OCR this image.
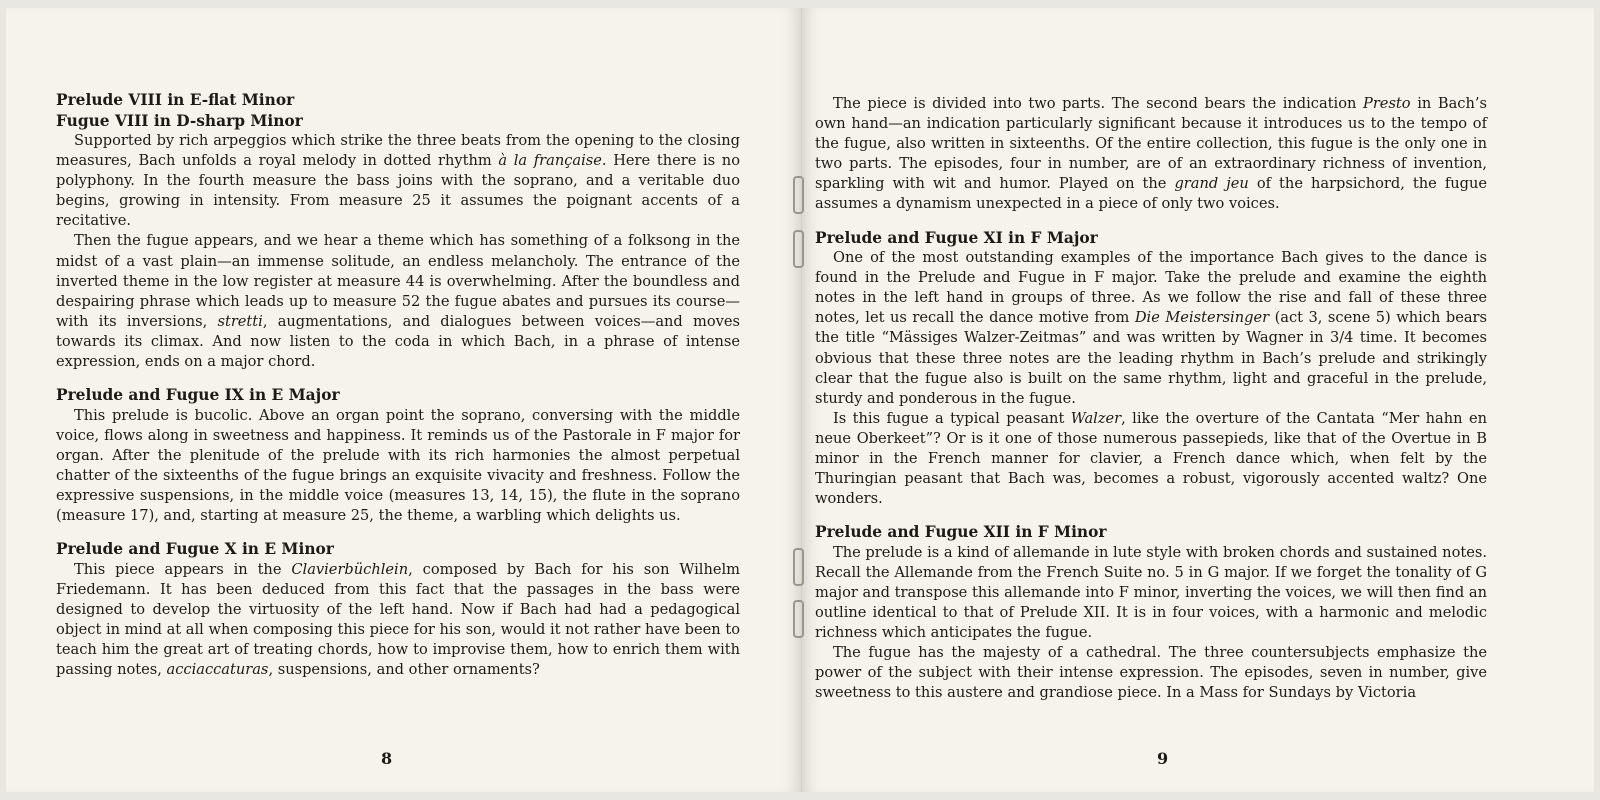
Prelude VIII in E-flat Minor
Fugue VIII in D-sharp Minor

Supported by rich arpeggios which strike the three beats from the opening to the closing measures, Bach unfolds a royal melody in dotted rhythm à la française. Here there is no polyphony. In the fourth measure the bass joins with the soprano, and a veritable duo begins, growing in intensity. From measure 25 it assumes the poignant accents of a recitative.

Then the fugue appears, and we hear a theme which has something of a folksong in the midst of a vast plain—an immense solitude, an endless melancholy. The entrance of the inverted theme in the low register at measure 44 is overwhelming. After the boundless and despairing phrase which leads up to measure 52 the fugue abates and pursues its course—with its inversions, stretti, augmentations, and dialogues between voices—and moves towards its climax. And now listen to the coda in which Bach, in a phrase of intense expression, ends on a major chord.

Prelude and Fugue IX in E Major

This prelude is bucolic. Above an organ point the soprano, conversing with the middle voice, flows along in sweetness and happiness. It reminds us of the Pastorale in F major for organ. After the plenitude of the prelude with its rich harmonies the almost perpetual chatter of the sixteenths of the fugue brings an exquisite vivacity and freshness. Follow the expressive suspensions, in the middle voice (measures 13, 14, 15), the flute in the soprano (measure 17), and, starting at measure 25, the theme, a warbling which delights us.

Prelude and Fugue X in E Minor

This piece appears in the Clavierbüchlein, composed by Bach for his son Wilhelm Friedemann. It has been deduced from this fact that the passages in the bass were designed to develop the virtuosity of the left hand. Now if Bach had had a pedagogical object in mind at all when composing this piece for his son, would it not rather have been to teach him the great art of treating chords, how to improvise them, how to enrich them with passing notes, acciaccaturas, suspensions, and other ornaments?

8

The piece is divided into two parts. The second bears the indication Presto in Bach’s own hand—an indication particularly significant because it introduces us to the tempo of the fugue, also written in sixteenths. Of the entire collection, this fugue is the only one in two parts. The episodes, four in number, are of an extraordinary richness of invention, sparkling with wit and humor. Played on the grand jeu of the harpsichord, the fugue assumes a dynamism unexpected in a piece of only two voices.

Prelude and Fugue XI in F Major

One of the most outstanding examples of the importance Bach gives to the dance is found in the Prelude and Fugue in F major. Take the prelude and examine the eighth notes in the left hand in groups of three. As we follow the rise and fall of these three notes, let us recall the dance motive from Die Meistersinger (act 3, scene 5) which bears the title “Mässiges Walzer-Zeitmas” and was written by Wagner in 3/4 time. It becomes obvious that these three notes are the leading rhythm in Bach’s prelude and strikingly clear that the fugue also is built on the same rhythm, light and graceful in the prelude, sturdy and ponderous in the fugue.

Is this fugue a typical peasant Walzer, like the overture of the Cantata “Mer hahn en neue Oberkeet”? Or is it one of those numerous passepieds, like that of the Overtue in B minor in the French manner for clavier, a French dance which, when felt by the Thuringian peasant that Bach was, becomes a robust, vigorously accented waltz? One wonders.

Prelude and Fugue XII in F Minor

The prelude is a kind of allemande in lute style with broken chords and sustained notes. Recall the Allemande from the French Suite no. 5 in G major. If we forget the tonality of G major and transpose this allemande into F minor, inverting the voices, we will then find an outline identical to that of Prelude XII. It is in four voices, with a harmonic and melodic richness which anticipates the fugue.

The fugue has the majesty of a cathedral. The three countersubjects emphasize the power of the subject with their intense expression. The episodes, seven in number, give sweetness to this austere and grandiose piece. In a Mass for Sundays by Victoria

9
